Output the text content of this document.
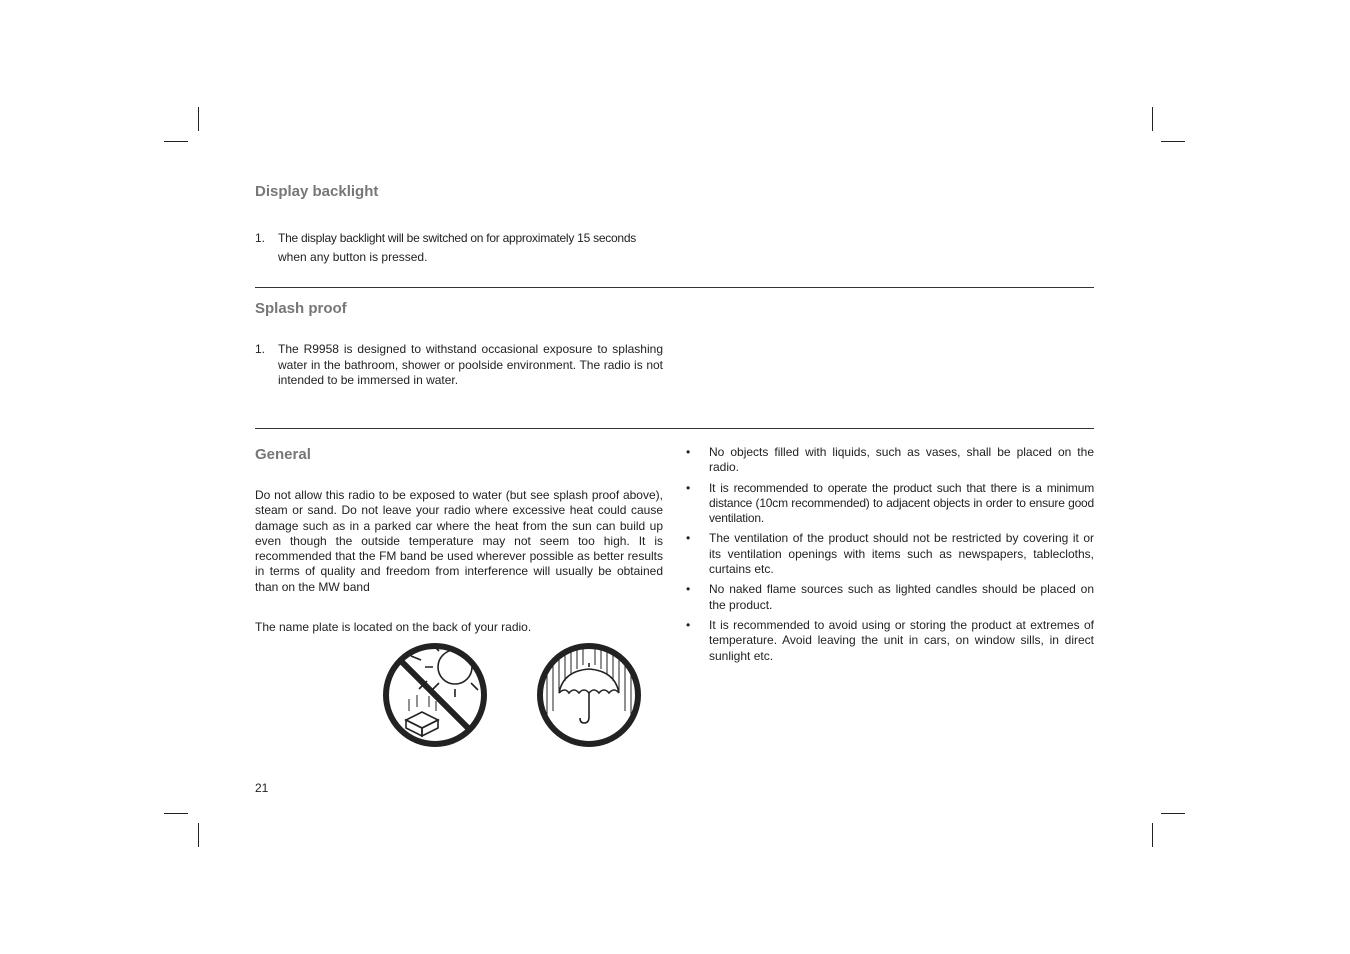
Display backlight
1. The display backlight will be switched on for approximately 15 seconds
when any button is pressed.
Splash proof
1. The R9958 is designed to withstand occasional exposure to splashing water in the bathroom, shower or poolside environment. The radio is not intended to be immersed in water.
General
Do not allow this radio to be exposed to water (but see splash proof above), steam or sand. Do not leave your radio where excessive heat could cause damage such as in a parked car where the heat from the sun can build up even though the outside temperature may not seem too high. It is recommended that the FM band be used wherever possible as better results in terms of quality and freedom from interference will usually be obtained than on the MW band
The name plate is located on the back of your radio.
• No objects filled with liquids, such as vases, shall be placed on the radio.
• It is recommended to operate the product such that there is a minimum distance (10cm recommended) to adjacent objects in order to ensure good ventilation.
• The ventilation of the product should not be restricted by covering it or its ventilation openings with items such as newspapers, tablecloths, curtains etc.
• No naked flame sources such as lighted candles should be placed on the product.
• It is recommended to avoid using or storing the product at extremes of temperature. Avoid leaving the unit in cars, on window sills, in direct sunlight etc.
21
